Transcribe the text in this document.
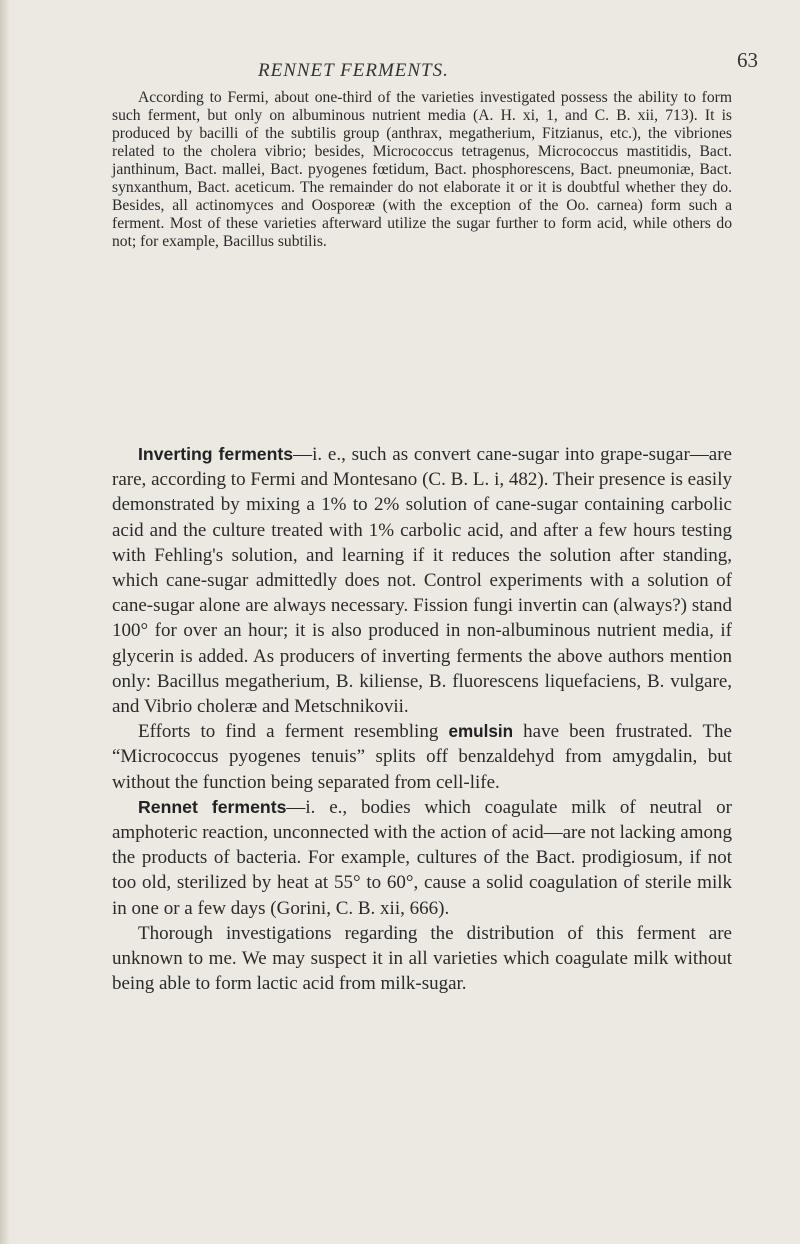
RENNET FERMENTS.	63

According to Fermi, about one-third of the varieties investigated possess the ability to form such ferment, but only on albuminous nutrient media (A. H. xi, 1, and C. B. xii, 713). It is produced by bacilli of the subtilis group (anthrax, megatherium, Fitzianus, etc.), the vibriones related to the cholera vibrio; besides, Micrococcus tetragenus, Micrococcus mastitidis, Bact. janthinum, Bact. mallei, Bact. pyogenes fœtidum, Bact. phosphorescens, Bact. pneumoniæ, Bact. synxanthum, Bact. aceticum. The remainder do not elaborate it or it is doubtful whether they do. Besides, all actinomyces and Oosporeæ (with the exception of the Oo. carnea) form such a ferment. Most of these varieties afterward utilize the sugar further to form acid, while others do not; for example, Bacillus subtilis.

Inverting ferments—i. e., such as convert cane-sugar into grape-sugar—are rare, according to Fermi and Montesano (C. B. L. i, 482). Their presence is easily demonstrated by mixing a 1% to 2% solution of cane-sugar containing carbolic acid and the culture treated with 1% carbolic acid, and after a few hours testing with Fehling's solution, and learning if it reduces the solution after standing, which cane-sugar admittedly does not. Control experiments with a solution of cane-sugar alone are always necessary. Fission fungi invertin can (always?) stand 100° for over an hour; it is also produced in non-albuminous nutrient media, if glycerin is added. As producers of inverting ferments the above authors mention only: Bacillus megatherium, B. kiliense, B. fluorescens liquefaciens, B. vulgare, and Vibrio choleræ and Metschnikovii.

Efforts to find a ferment resembling emulsin have been frustrated. The “Micrococcus pyogenes tenuis” splits off benzaldehyd from amygdalin, but without the function being separated from cell-life.

Rennet ferments—i. e., bodies which coagulate milk of neutral or amphoteric reaction, unconnected with the action of acid—are not lacking among the products of bacteria. For example, cultures of the Bact. prodigiosum, if not too old, sterilized by heat at 55° to 60°, cause a solid coagulation of sterile milk in one or a few days (Gorini, C. B. xii, 666).

Thorough investigations regarding the distribution of this ferment are unknown to me. We may suspect it in all varieties which coagulate milk without being able to form lactic acid from milk-sugar.
